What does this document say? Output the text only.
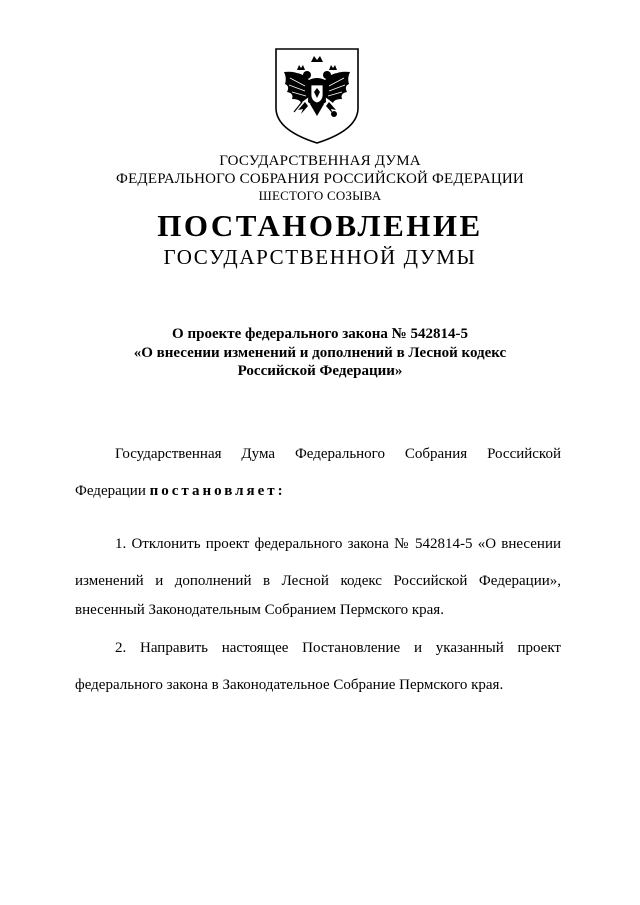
ГОСУДАРСТВЕННАЯ ДУМА
ФЕДЕРАЛЬНОГО СОБРАНИЯ РОССИЙСКОЙ ФЕДЕРАЦИИ
ШЕСТОГО СОЗЫВА
ПОСТАНОВЛЕНИЕ
ГОСУДАРСТВЕННОЙ ДУМЫ
О проекте федерального закона № 542814-5
«О внесении изменений и дополнений в Лесной кодекс
Российской Федерации»
Государственная Дума Федерального Собрания Российской
Федерации постановляет:
1. Отклонить проект федерального закона № 542814-5 «О внесении
изменений и дополнений в Лесной кодекс Российской Федерации»,
внесенный Законодательным Собранием Пермского края.
2. Направить настоящее Постановление и указанный проект
федерального закона в Законодательное Собрание Пермского края.
